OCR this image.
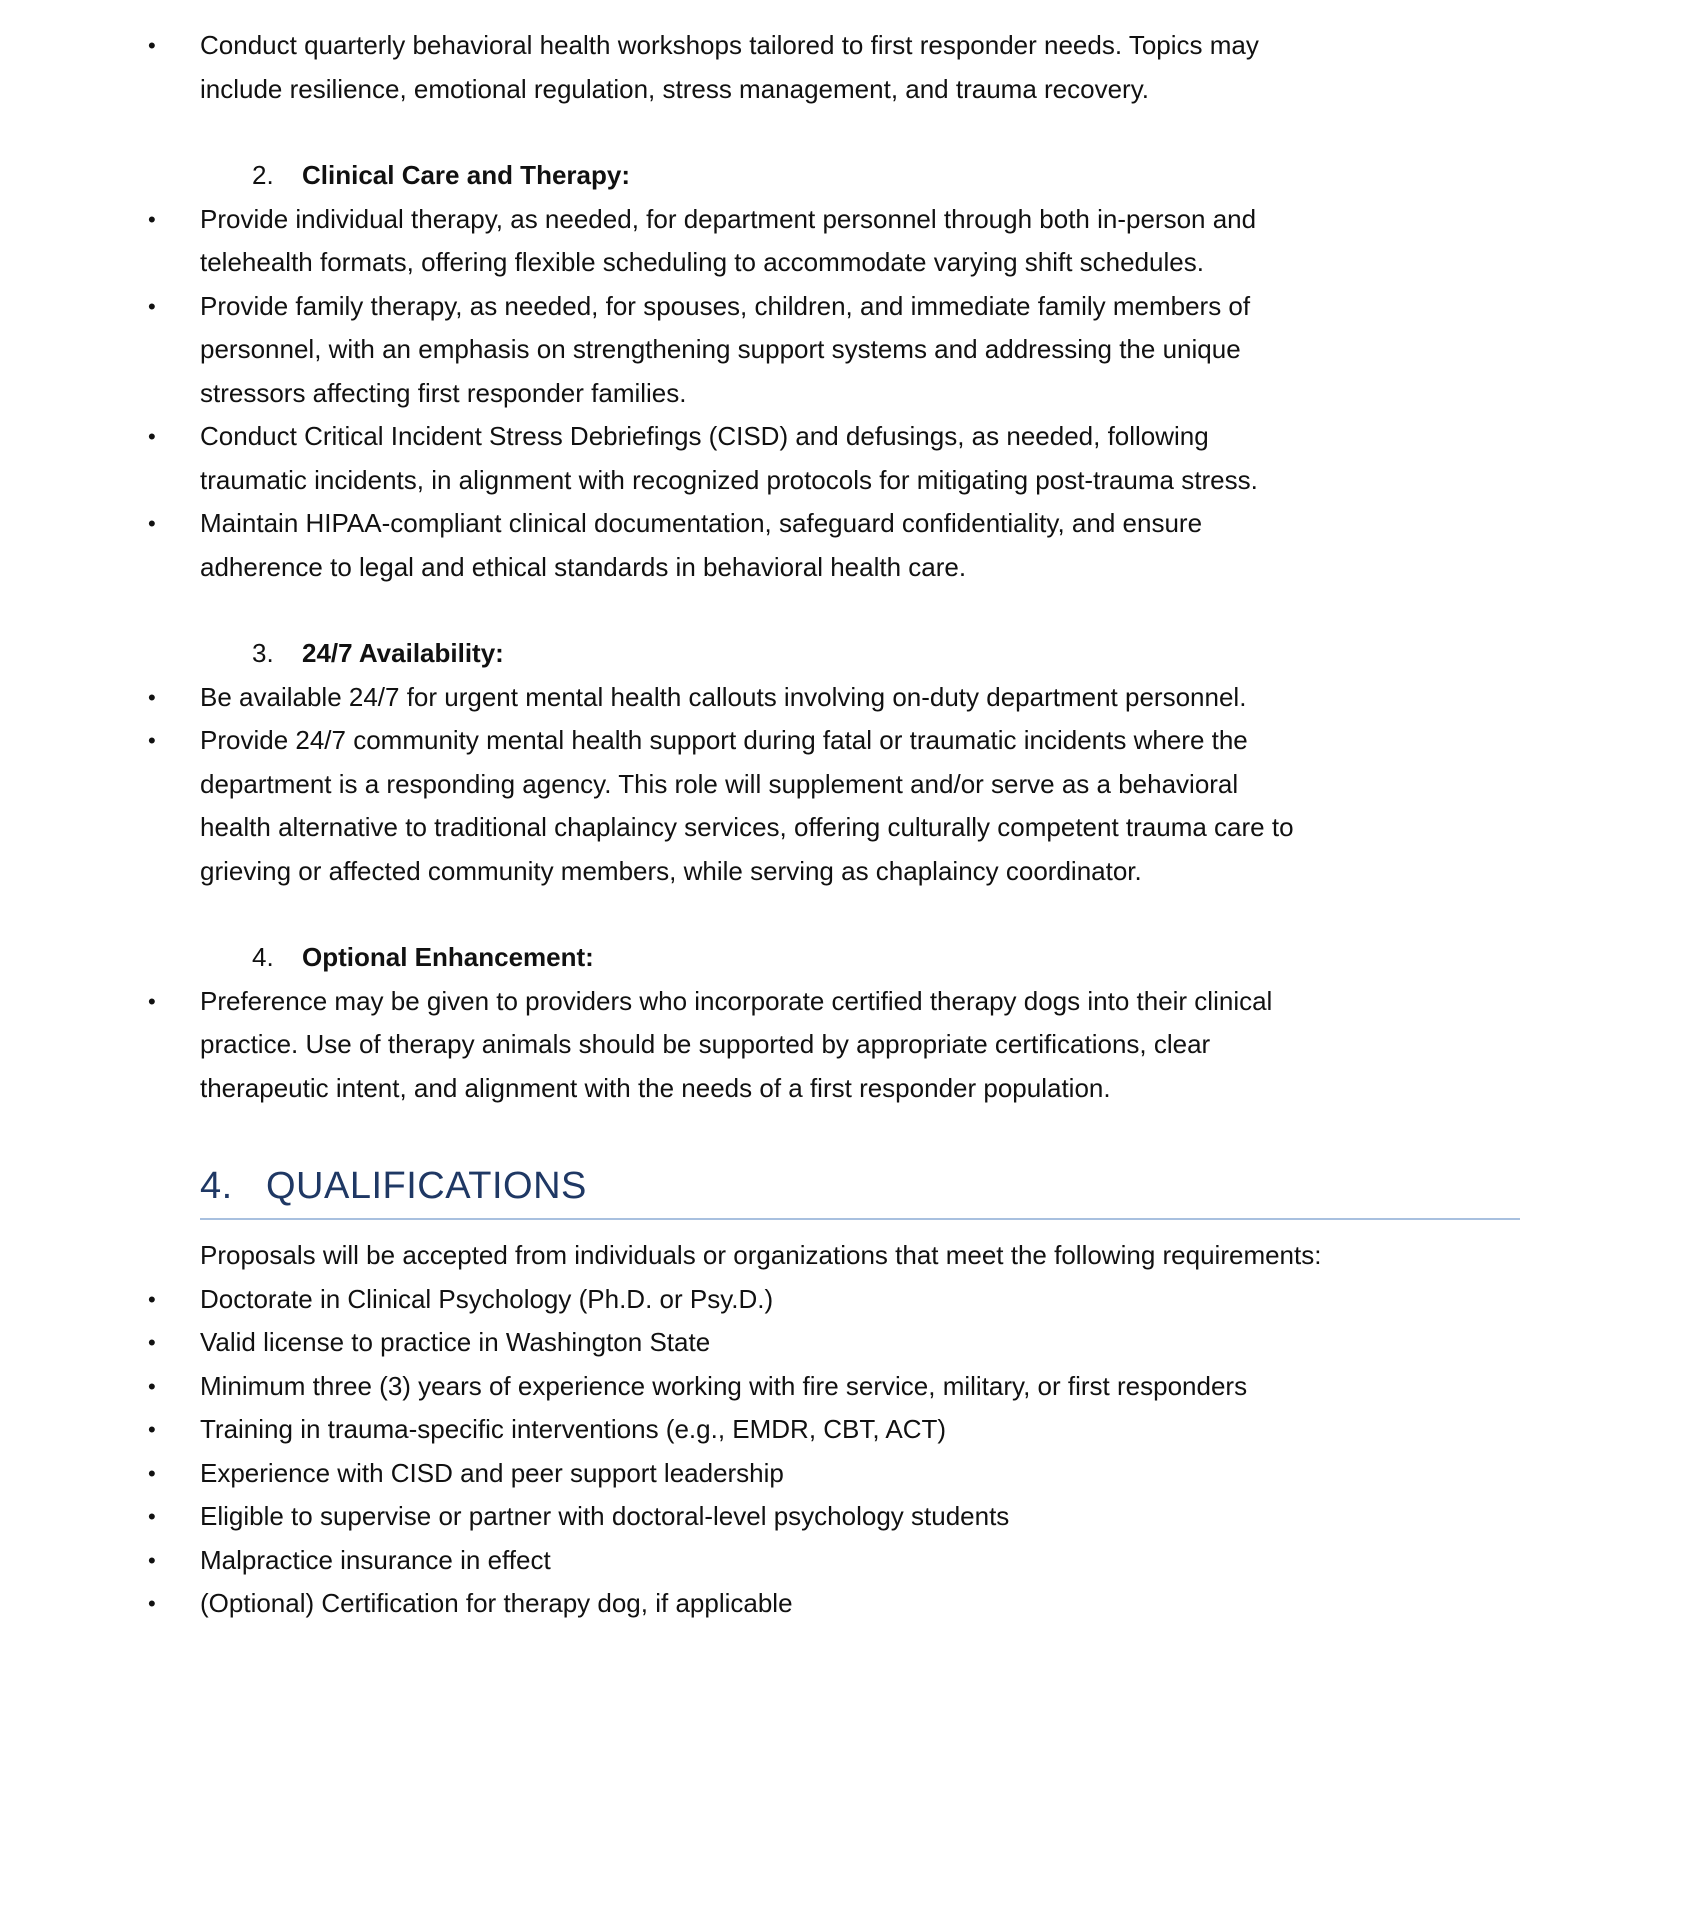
• Conduct quarterly behavioral health workshops tailored to first responder needs. Topics may include resilience, emotional regulation, stress management, and trauma recovery.
2. Clinical Care and Therapy:
• Provide individual therapy, as needed, for department personnel through both in-person and telehealth formats, offering flexible scheduling to accommodate varying shift schedules.
• Provide family therapy, as needed, for spouses, children, and immediate family members of personnel, with an emphasis on strengthening support systems and addressing the unique stressors affecting first responder families.
• Conduct Critical Incident Stress Debriefings (CISD) and defusings, as needed, following traumatic incidents, in alignment with recognized protocols for mitigating post-trauma stress.
• Maintain HIPAA-compliant clinical documentation, safeguard confidentiality, and ensure adherence to legal and ethical standards in behavioral health care.
3. 24/7 Availability:
• Be available 24/7 for urgent mental health callouts involving on-duty department personnel.
• Provide 24/7 community mental health support during fatal or traumatic incidents where the department is a responding agency. This role will supplement and/or serve as a behavioral health alternative to traditional chaplaincy services, offering culturally competent trauma care to grieving or affected community members, while serving as chaplaincy coordinator.
4. Optional Enhancement:
• Preference may be given to providers who incorporate certified therapy dogs into their clinical practice. Use of therapy animals should be supported by appropriate certifications, clear therapeutic intent, and alignment with the needs of a first responder population.
4. QUALIFICATIONS
Proposals will be accepted from individuals or organizations that meet the following requirements:
• Doctorate in Clinical Psychology (Ph.D. or Psy.D.)
• Valid license to practice in Washington State
• Minimum three (3) years of experience working with fire service, military, or first responders
• Training in trauma-specific interventions (e.g., EMDR, CBT, ACT)
• Experience with CISD and peer support leadership
• Eligible to supervise or partner with doctoral-level psychology students
• Malpractice insurance in effect
• (Optional) Certification for therapy dog, if applicable
